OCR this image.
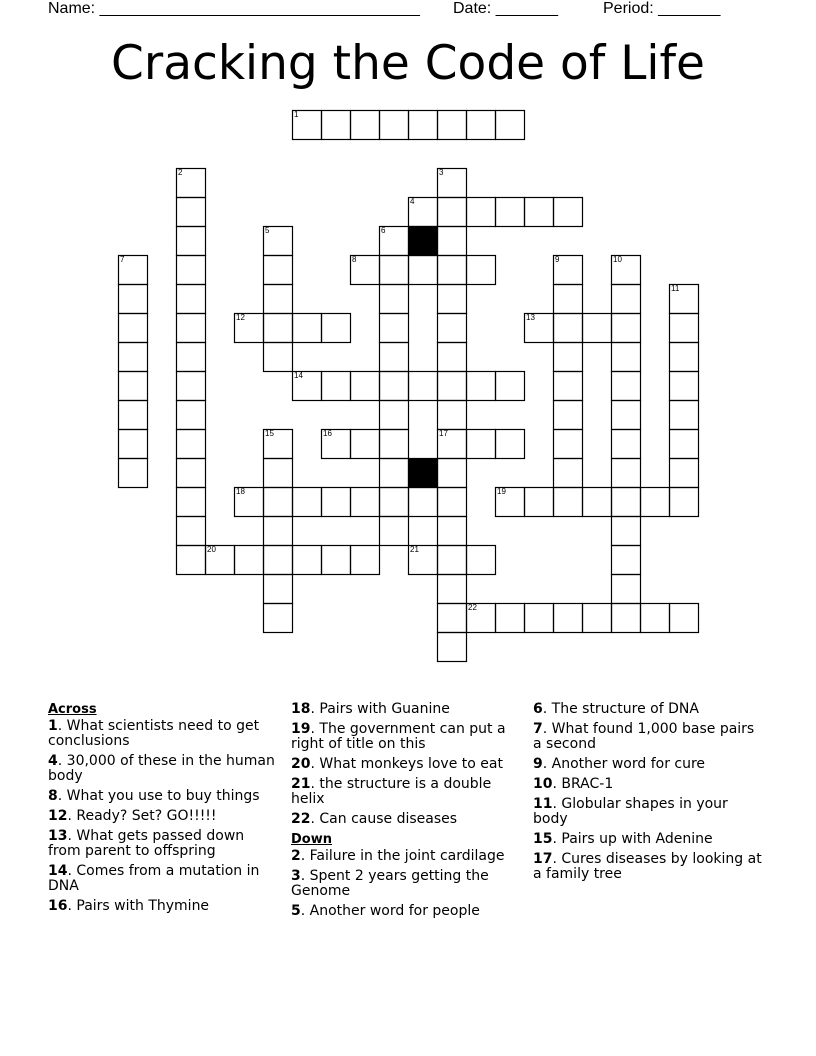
Name: ____________________________________ Date: _______	Period: _______
Cracking the Code of Life
1
2	3
17
4
5	6
7	8	9	10
11
12	13
14
15	16
18	19
20	21
22
Across
1. What scientists need to get conclusions
4. 30,000 of these in the human body
8. What you use to buy things
12. Ready? Set? GO!!!!!
13. What gets passed down from parent to offspring
14. Comes from a mutation in DNA
16. Pairs with Thymine
18. Pairs with Guanine
19. The government can put a right of title on this
20. What monkeys love to eat
21. the structure is a double helix
22. Can cause diseases
Down
2. Failure in the joint cardilage
3. Spent 2 years getting the Genome
5. Another word for people
6. The structure of DNA
7. What found 1,000 base pairs a second
9. Another word for cure
10. BRAC-1
11. Globular shapes in your body
15. Pairs up with Adenine
17. Cures diseases by looking at a family tree
